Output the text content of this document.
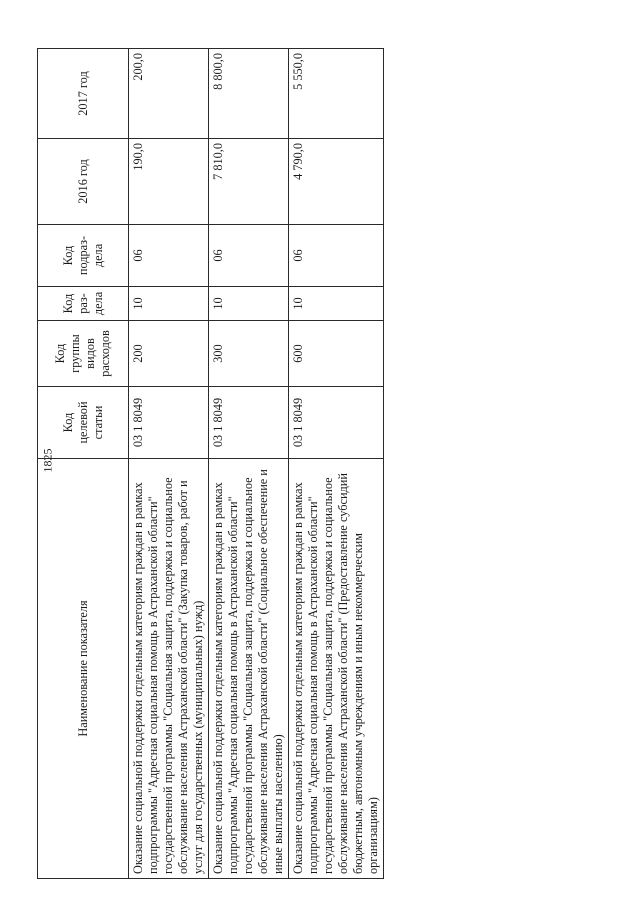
1825
Наименование показателя	Код целевой статьи	Код группы видов расходов	Код раз-дела	Код подраз-дела	2016 год	2017 год
Оказание социальной поддержки отдельным категориям граждан в рамках подпрограммы "Адресная социальная помощь в Астраханской области" государственной программы "Социальная защита, поддержка и социальное обслуживание населения Астраханской области" (Закупка товаров, работ и услуг для государственных (муниципальных) нужд)	03 1 8049	200	10	06	190,0	200,0
Оказание социальной поддержки отдельным категориям граждан в рамках подпрограммы "Адресная социальная помощь в Астраханской области" государственной программы "Социальная защита, поддержка и социальное обслуживание населения Астраханской области" (Социальное обеспечение и иные выплаты населению)	03 1 8049	300	10	06	7 810,0	8 800,0
Оказание социальной поддержки отдельным категориям граждан в рамках подпрограммы "Адресная социальная помощь в Астраханской области" государственной программы "Социальная защита, поддержка и социальное обслуживание населения Астраханской области" (Предоставление субсидий бюджетным, автономным учреждениям и иным некоммерческим организациям)	03 1 8049	600	10	06	4 790,0	5 550,0
